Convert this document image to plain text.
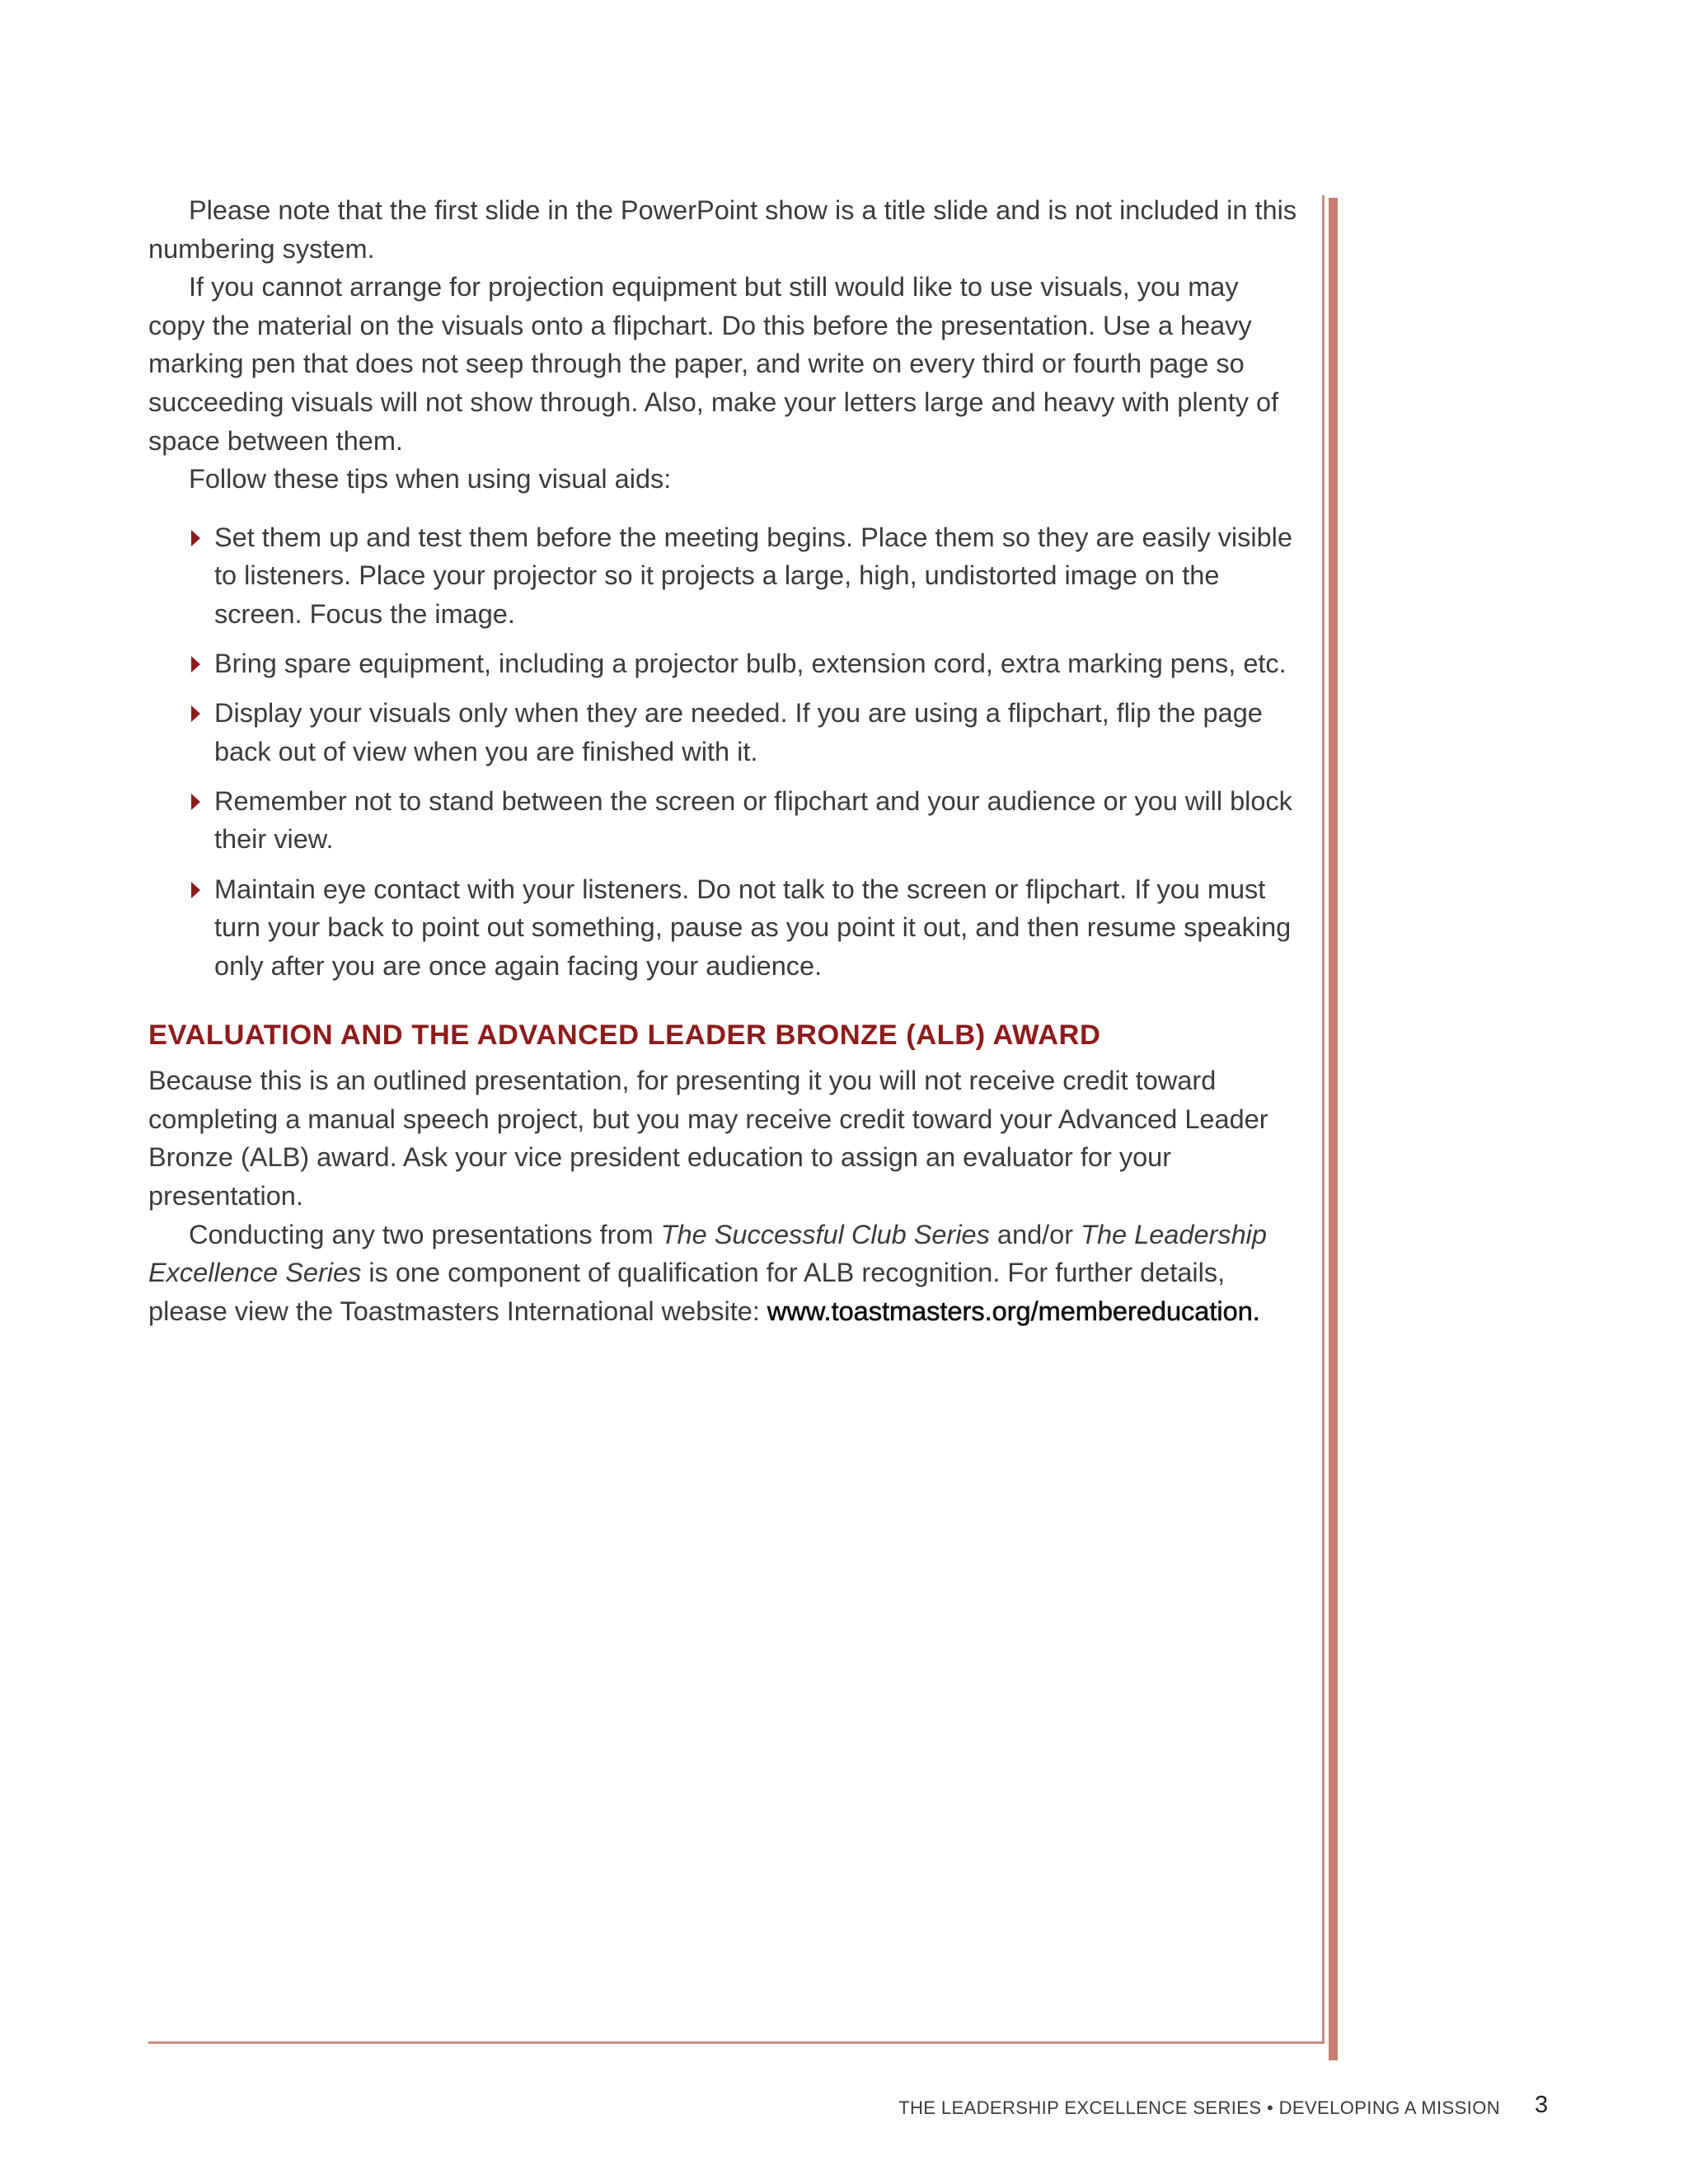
Please note that the first slide in the PowerPoint show is a title slide and is not included in this numbering system.

If you cannot arrange for projection equipment but still would like to use visuals, you may copy the material on the visuals onto a flipchart. Do this before the presentation. Use a heavy marking pen that does not seep through the paper, and write on every third or fourth page so succeeding visuals will not show through. Also, make your letters large and heavy with plenty of space between them.

Follow these tips when using visual aids:

Set them up and test them before the meeting begins. Place them so they are easily visible to listeners. Place your projector so it projects a large, high, undistorted image on the screen. Focus the image.
Bring spare equipment, including a projector bulb, extension cord, extra marking pens, etc.
Display your visuals only when they are needed. If you are using a flipchart, flip the page back out of view when you are finished with it.
Remember not to stand between the screen or flipchart and your audience or you will block their view.
Maintain eye contact with your listeners. Do not talk to the screen or flipchart. If you must turn your back to point out something, pause as you point it out, and then resume speaking only after you are once again facing your audience.
EVALUATION AND THE ADVANCED LEADER BRONZE (ALB) AWARD

Because this is an outlined presentation, for presenting it you will not receive credit toward completing a manual speech project, but you may receive credit toward your Advanced Leader Bronze (ALB) award. Ask your vice president education to assign an evaluator for your presentation.

Conducting any two presentations from The Successful Club Series and/or The Leadership Excellence Series is one component of qualification for ALB recognition. For further details, please view the Toastmasters International website: www.toastmasters.org/membereducation.

THE LEADERSHIP EXCELLENCE SERIES • DEVELOPING A MISSION 3
